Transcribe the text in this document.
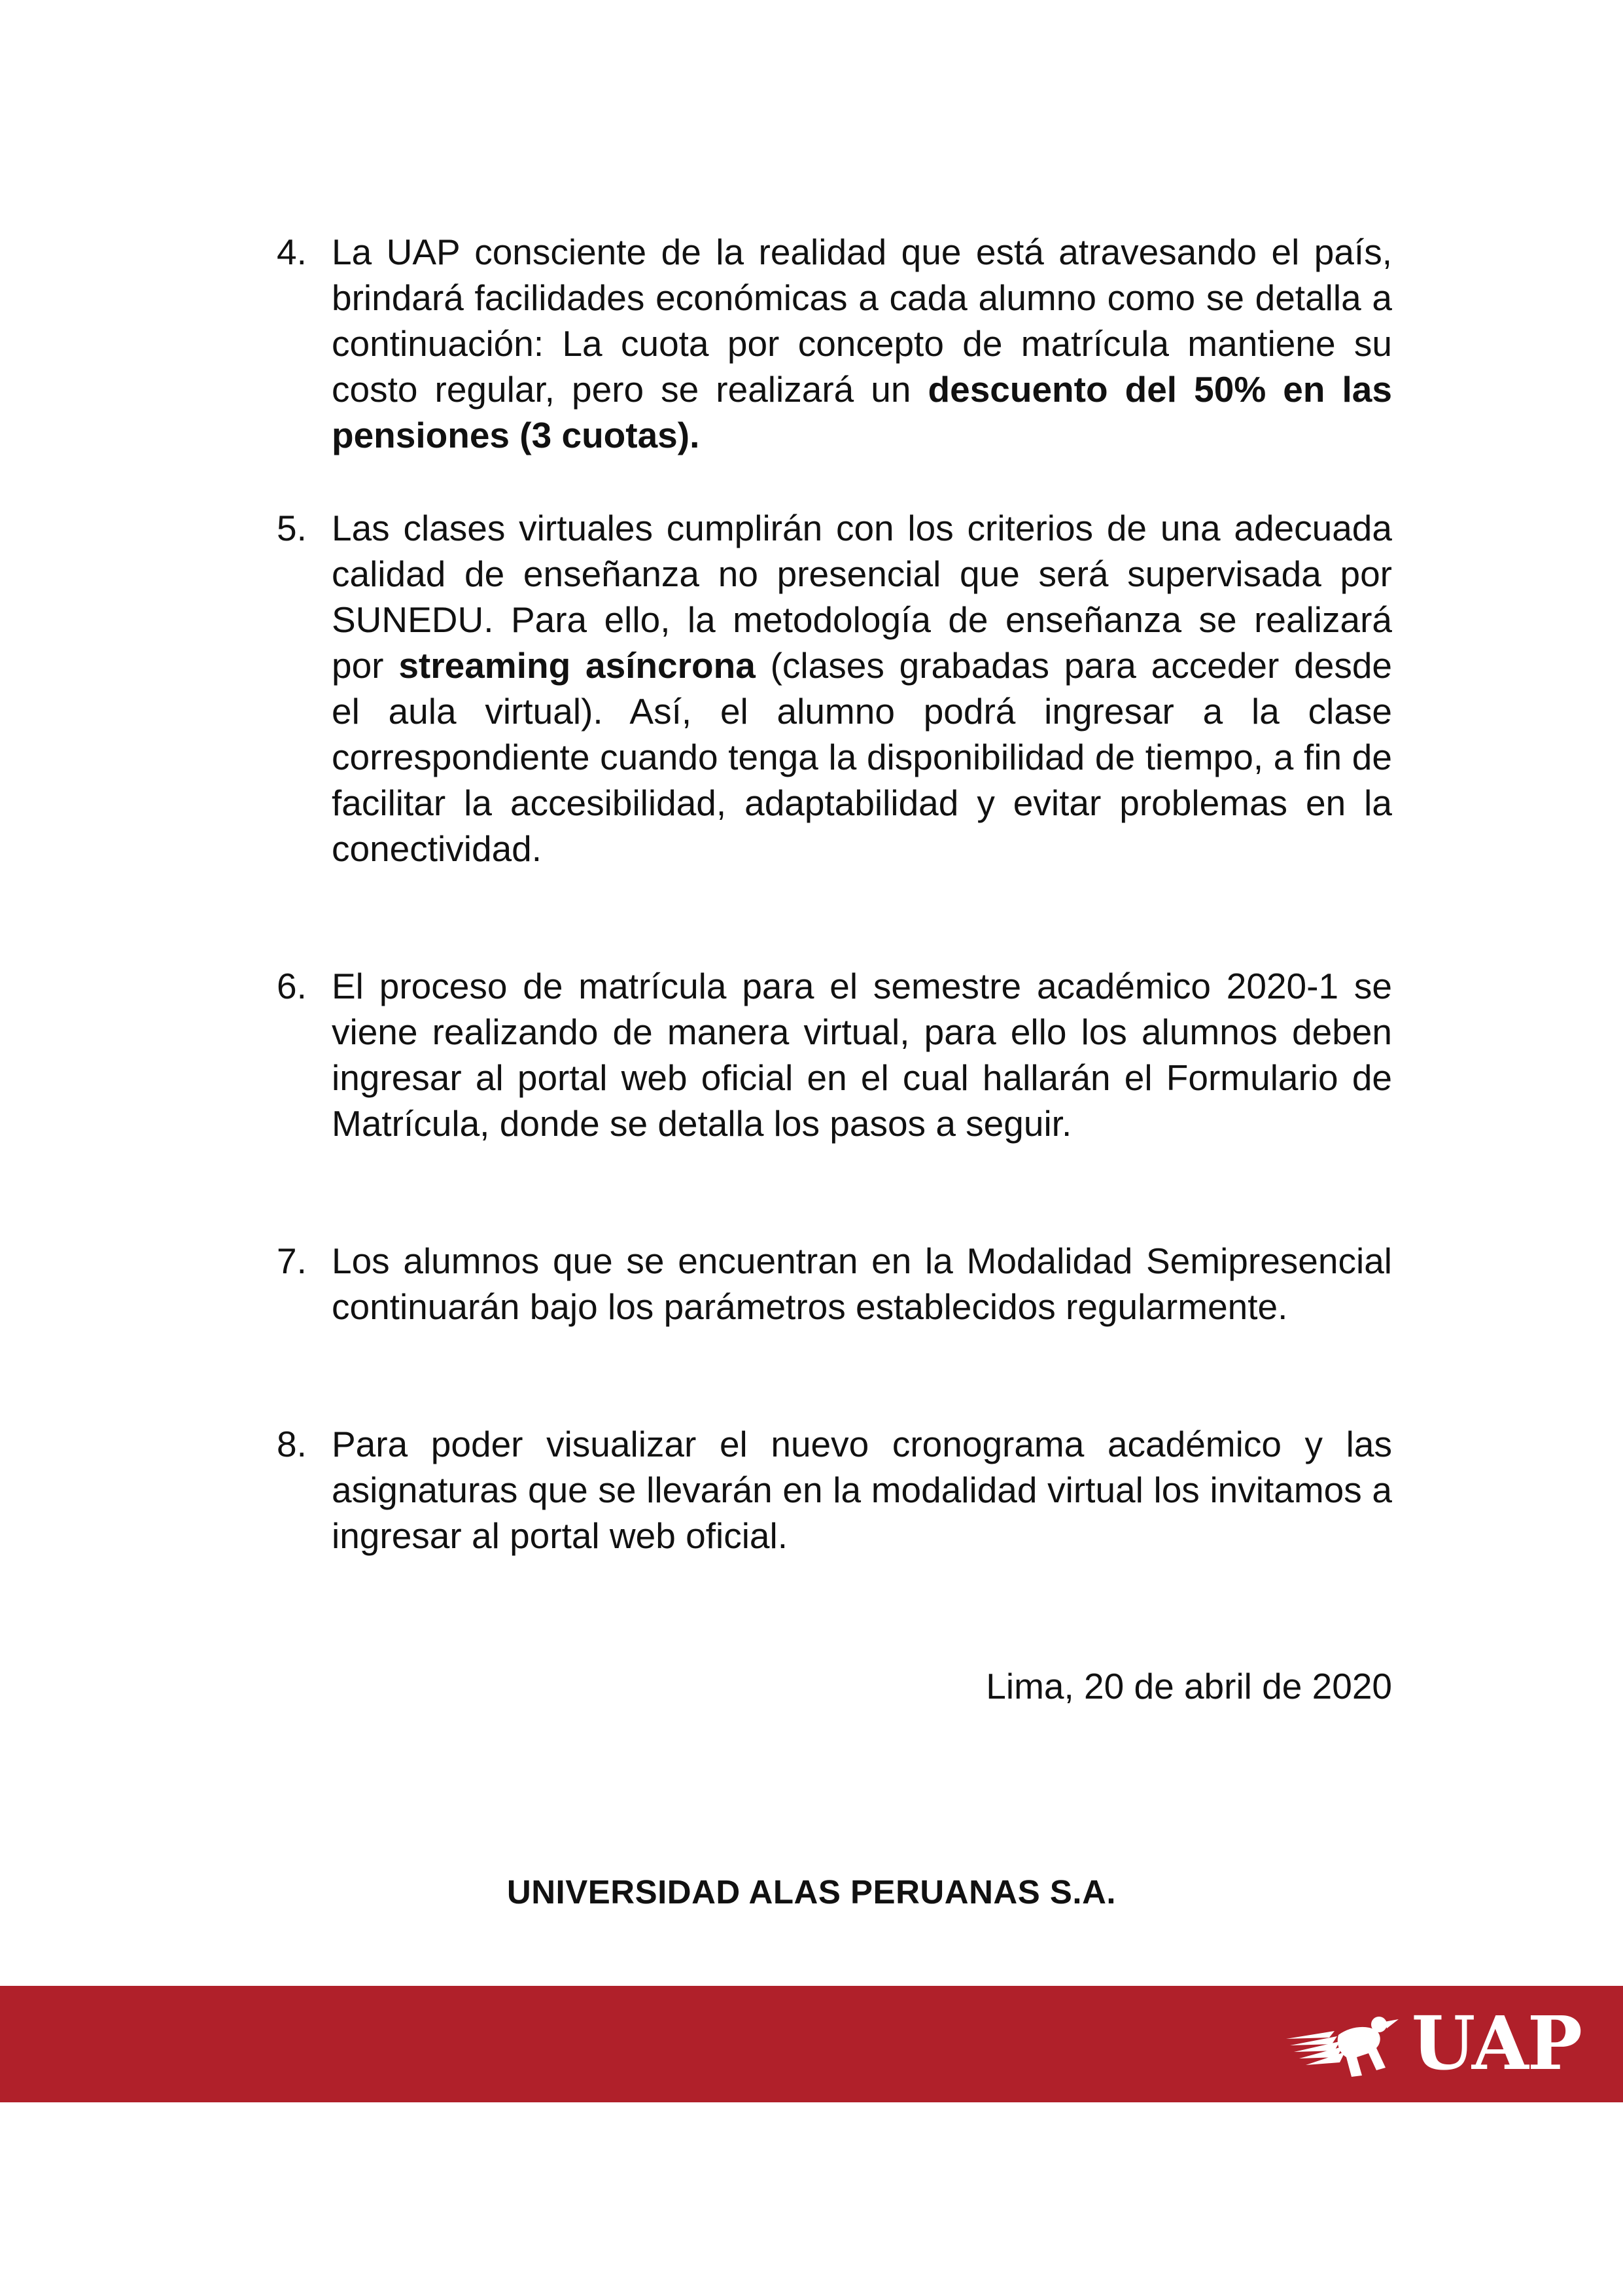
4. La UAP consciente de la realidad que está atravesando el país, brindará facilidades económicas a cada alumno como se detalla a continuación: La cuota por concepto de matrícula mantiene su costo regular, pero se realizará un descuento del 50% en las pensiones (3 cuotas).

5. Las clases virtuales cumplirán con los criterios de una adecuada calidad de enseñanza no presencial que será supervisada por SUNEDU. Para ello, la metodología de enseñanza se realizará por streaming asíncrona (clases grabadas para acceder desde el aula virtual). Así, el alumno podrá ingresar a la clase correspondiente cuando tenga la disponibilidad de tiempo, a fin de facilitar la accesibilidad, adaptabilidad y evitar problemas en la conectividad.

6. El proceso de matrícula para el semestre académico 2020-1 se viene realizando de manera virtual, para ello los alumnos deben ingresar al portal web oficial en el cual hallarán el Formulario de Matrícula, donde se detalla los pasos a seguir.

7. Los alumnos que se encuentran en la Modalidad Semipresencial continuarán bajo los parámetros establecidos regularmente.

8. Para poder visualizar el nuevo cronograma académico y las asignaturas que se llevarán en la modalidad virtual los invitamos a ingresar al portal web oficial.

Lima, 20 de abril de 2020
UNIVERSIDAD ALAS PERUANAS S.A.
UAP
